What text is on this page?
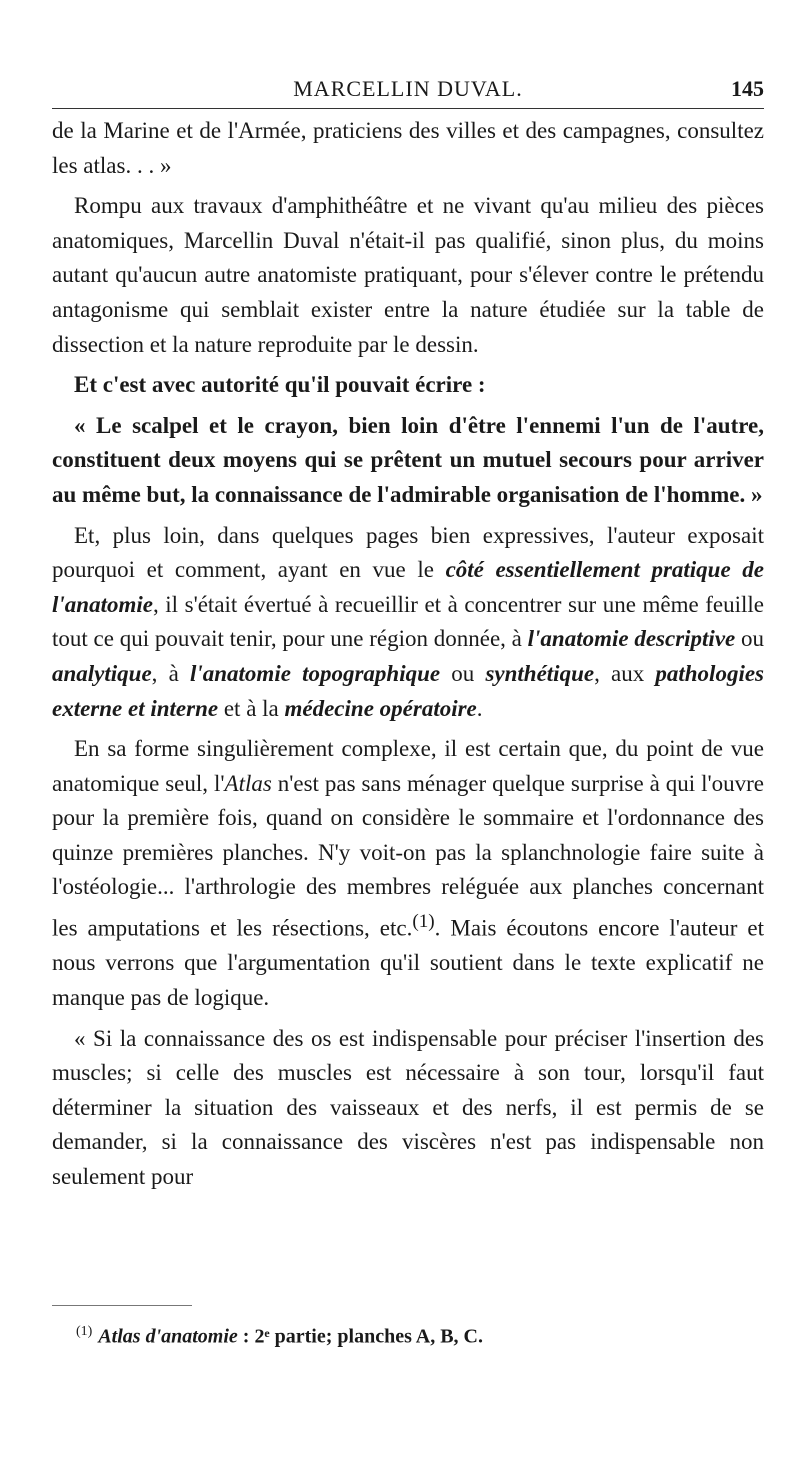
MARCELLIN DUVAL.	145

de la Marine et de l'Armée, praticiens des villes et des campagnes, consultez les atlas. . . »

Rompu aux travaux d'amphithéâtre et ne vivant qu'au milieu des pièces anatomiques, Marcellin Duval n'était-il pas qualifié, sinon plus, du moins autant qu'aucun autre anatomiste pratiquant, pour s'élever contre le prétendu antagonisme qui semblait exister entre la nature étudiée sur la table de dissection et la nature reproduite par le dessin.

Et c'est avec autorité qu'il pouvait écrire :

« Le scalpel et le crayon, bien loin d'être l'ennemi l'un de l'autre, constituent deux moyens qui se prêtent un mutuel secours pour arriver au même but, la connaissance de l'admirable organisation de l'homme. »

Et, plus loin, dans quelques pages bien expressives, l'auteur exposait pourquoi et comment, ayant en vue le côté essentiellement pratique de l'anatomie, il s'était évertué à recueillir et à concentrer sur une même feuille tout ce qui pouvait tenir, pour une région donnée, à l'anatomie descriptive ou analytique, à l'anatomie topographique ou synthétique, aux pathologies externe et interne et à la médecine opératoire.

En sa forme singulièrement complexe, il est certain que, du point de vue anatomique seul, l'Atlas n'est pas sans ménager quelque surprise à qui l'ouvre pour la première fois, quand on considère le sommaire et l'ordonnance des quinze premières planches. N'y voit-on pas la splanchnologie faire suite à l'ostéologie... l'arthrologie des membres reléguée aux planches concernant les amputations et les résections, etc.$^{(1)}$. Mais écoutons encore l'auteur et nous verrons que l'argumentation qu'il soutient dans le texte explicatif ne manque pas de logique.

« Si la connaissance des os est indispensable pour préciser l'insertion des muscles; si celle des muscles est nécessaire à son tour, lorsqu'il faut déterminer la situation des vaisseaux et des nerfs, il est permis de se demander, si la connaissance des viscères n'est pas indispensable non seulement pour

$^{(1)}$ Atlas d'anatomie : 2ᵉ partie; planches A, B, C.
